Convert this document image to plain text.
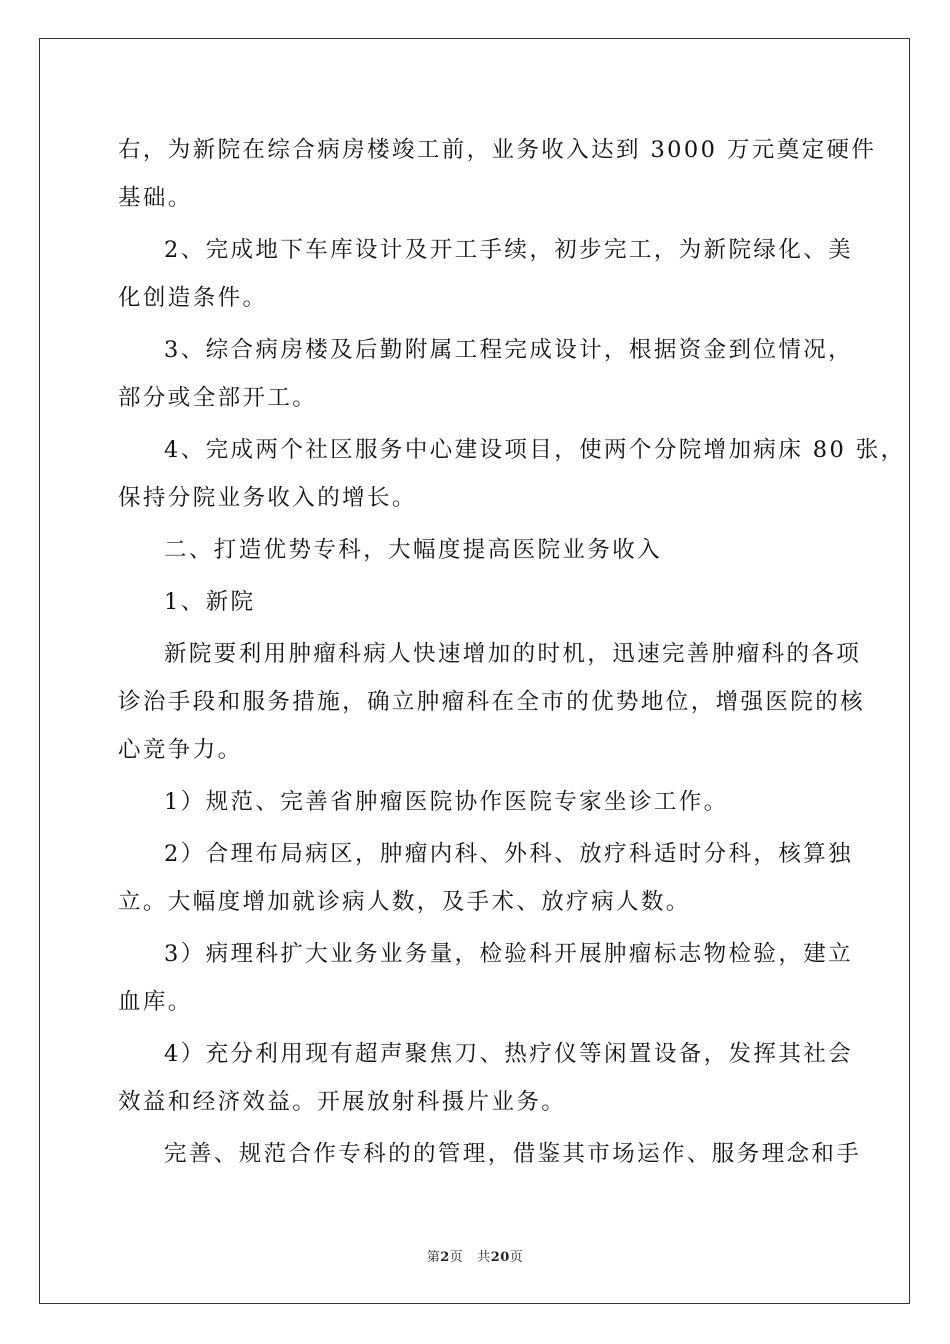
右，为新院在综合病房楼竣工前，业务收入达到 3000 万元奠定硬件

基础。

2、完成地下车库设计及开工手续，初步完工，为新院绿化、美

化创造条件。

3、综合病房楼及后勤附属工程完成设计，根据资金到位情况，

部分或全部开工。

4、完成两个社区服务中心建设项目，使两个分院增加病床 80 张，

保持分院业务收入的增长。

二、打造优势专科，大幅度提高医院业务收入

1、新院

新院要利用肿瘤科病人快速增加的时机，迅速完善肿瘤科的各项

诊治手段和服务措施，确立肿瘤科在全市的优势地位，增强医院的核

心竞争力。

1）规范、完善省肿瘤医院协作医院专家坐诊工作。

2）合理布局病区，肿瘤内科、外科、放疗科适时分科，核算独

立。大幅度增加就诊病人数，及手术、放疗病人数。

3）病理科扩大业务业务量，检验科开展肿瘤标志物检验，建立

血库。

4）充分利用现有超声聚焦刀、热疗仪等闲置设备，发挥其社会

效益和经济效益。开展放射科摄片业务。

完善、规范合作专科的的管理，借鉴其市场运作、服务理念和手

第2页 共20页
